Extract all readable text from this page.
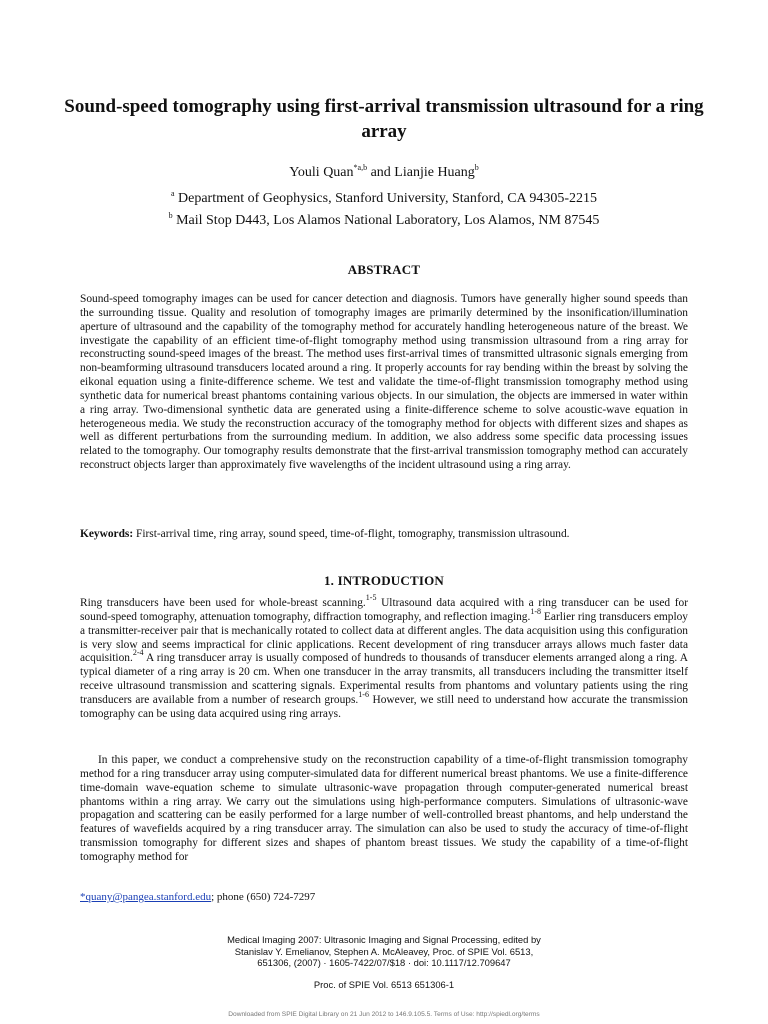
Sound-speed tomography using first-arrival transmission ultrasound for a ring array
Youli Quan$^{*a,b}$ and Lianjie Huang$^b$
$^a$ Department of Geophysics, Stanford University, Stanford, CA 94305-2215
$^b$ Mail Stop D443, Los Alamos National Laboratory, Los Alamos, NM 87545
ABSTRACT

Sound-speed tomography images can be used for cancer detection and diagnosis. Tumors have generally higher sound speeds than the surrounding tissue. Quality and resolution of tomography images are primarily determined by the insonification/illumination aperture of ultrasound and the capability of the tomography method for accurately handling heterogeneous nature of the breast. We investigate the capability of an efficient time-of-flight tomography method using transmission ultrasound from a ring array for reconstructing sound-speed images of the breast. The method uses first-arrival times of transmitted ultrasonic signals emerging from non-beamforming ultrasound transducers located around a ring. It properly accounts for ray bending within the breast by solving the eikonal equation using a finite-difference scheme. We test and validate the time-of-flight transmission tomography method using synthetic data for numerical breast phantoms containing various objects. In our simulation, the objects are immersed in water within a ring array. Two-dimensional synthetic data are generated using a finite-difference scheme to solve acoustic-wave equation in heterogeneous media. We study the reconstruction accuracy of the tomography method for objects with different sizes and shapes as well as different perturbations from the surrounding medium. In addition, we also address some specific data processing issues related to the tomography. Our tomography results demonstrate that the first-arrival transmission tomography method can accurately reconstruct objects larger than approximately five wavelengths of the incident ultrasound using a ring array.

Keywords: First-arrival time, ring array, sound speed, time-of-flight, tomography, transmission ultrasound.

1. INTRODUCTION

Ring transducers have been used for whole-breast scanning.$^{1-5}$ Ultrasound data acquired with a ring transducer can be used for sound-speed tomography, attenuation tomography, diffraction tomography, and reflection imaging.$^{1-8}$ Earlier ring transducers employ a transmitter-receiver pair that is mechanically rotated to collect data at different angles. The data acquisition using this configuration is very slow and seems impractical for clinic applications. Recent development of ring transducer arrays allows much faster data acquisition.$^{2-4}$ A ring transducer array is usually composed of hundreds to thousands of transducer elements arranged along a ring. A typical diameter of a ring array is 20 cm. When one transducer in the array transmits, all transducers including the transmitter itself receive ultrasound transmission and scattering signals. Experimental results from phantoms and voluntary patients using the ring transducers are available from a number of research groups.$^{1-6}$ However, we still need to understand how accurate the transmission tomography can be using data acquired using ring arrays.

In this paper, we conduct a comprehensive study on the reconstruction capability of a time-of-flight transmission tomography method for a ring transducer array using computer-simulated data for different numerical breast phantoms. We use a finite-difference time-domain wave-equation scheme to simulate ultrasonic-wave propagation through computer-generated numerical breast phantoms within a ring array. We carry out the simulations using high-performance computers. Simulations of ultrasonic-wave propagation and scattering can be easily performed for a large number of well-controlled breast phantoms, and help understand the features of wavefields acquired by a ring transducer array. The simulation can also be used to study the accuracy of time-of-flight transmission tomography for different sizes and shapes of phantom breast tissues. We study the capability of a time-of-flight tomography method for

*quany@pangea.stanford.edu; phone (650) 724-7297
Medical Imaging 2007: Ultrasonic Imaging and Signal Processing, edited by
Stanislav Y. Emelianov, Stephen A. McAleavey, Proc. of SPIE Vol. 6513,
651306, (2007) · 1605-7422/07/$18 · doi: 10.1117/12.709647
Proc. of SPIE Vol. 6513 651306-1
Downloaded from SPIE Digital Library on 21 Jun 2012 to 146.9.105.5. Terms of Use: http://spiedl.org/terms
